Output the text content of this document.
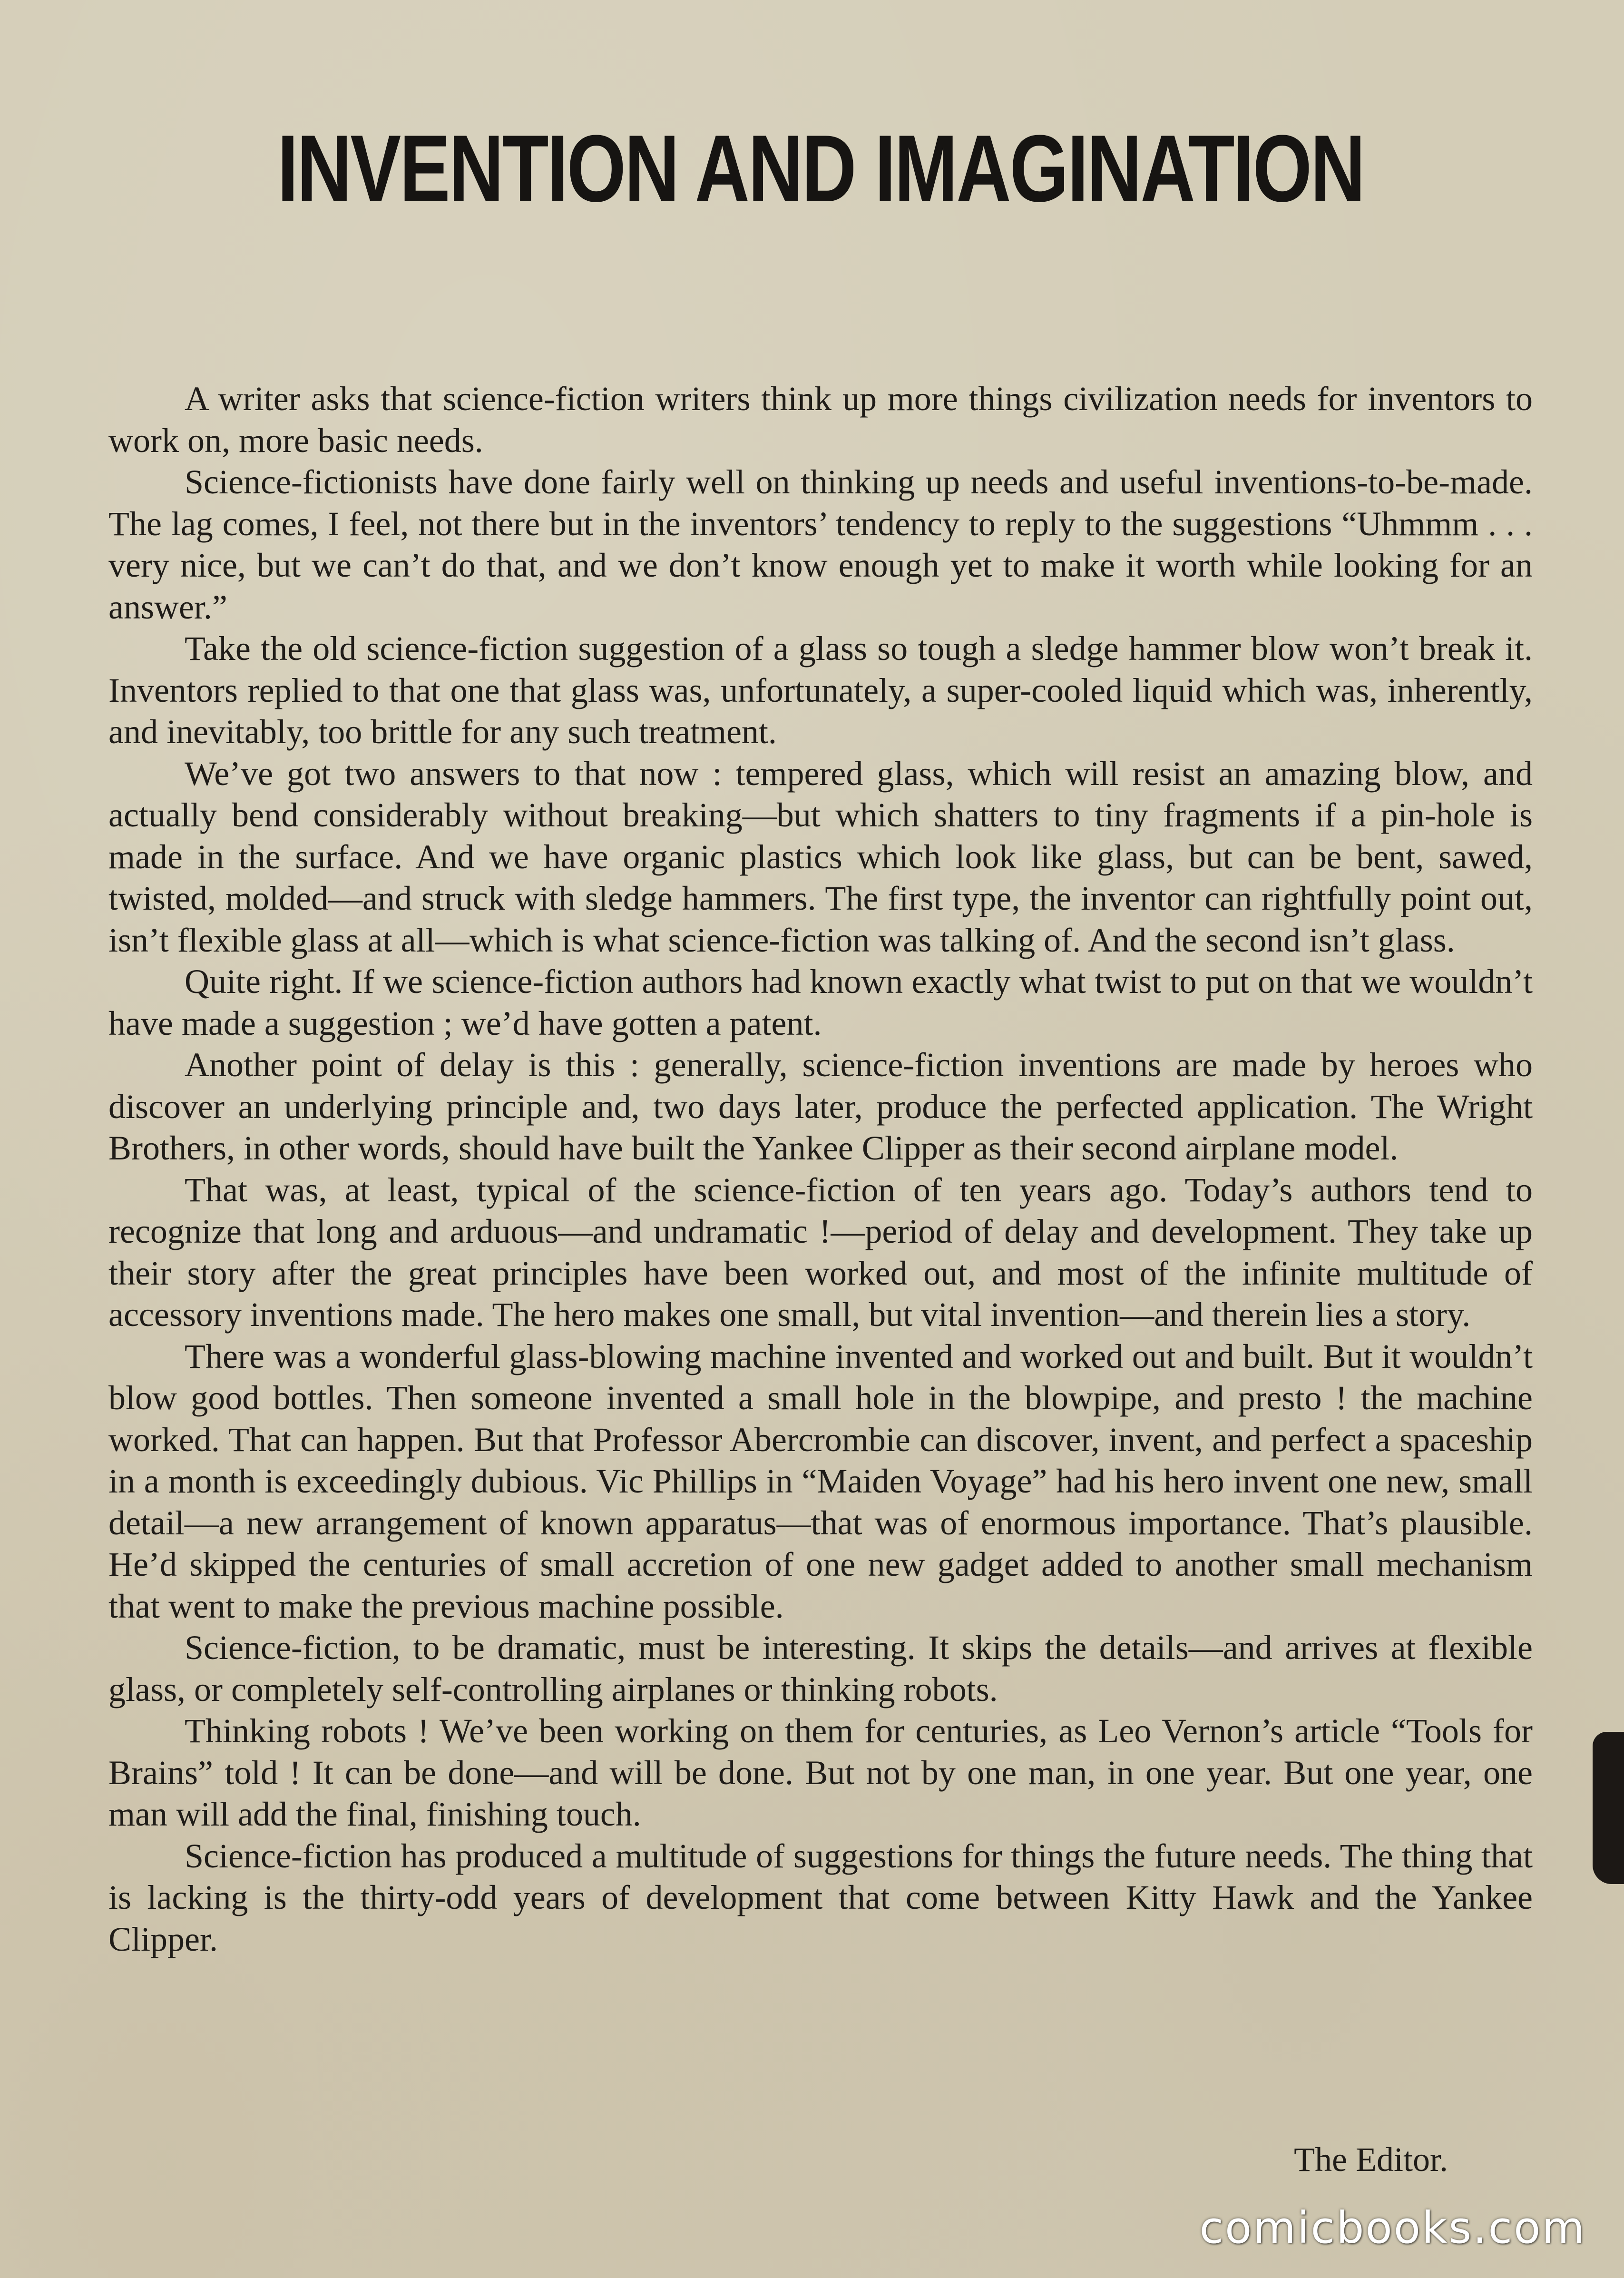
INVENTION AND IMAGINATION

A writer asks that science-fiction writers think up more things civilization needs for inventors to work on, more basic needs.

Science-fictionists have done fairly well on thinking up needs and useful inventions-to-be-made. The lag comes, I feel, not there but in the inventors’ tendency to reply to the suggestions “Uhmmm . . . very nice, but we can’t do that, and we don’t know enough yet to make it worth while looking for an answer.”

Take the old science-fiction suggestion of a glass so tough a sledge hammer blow won’t break it. Inventors replied to that one that glass was, unfortunately, a super-cooled liquid which was, inherently, and inevitably, too brittle for any such treatment.

We’ve got two answers to that now : tempered glass, which will resist an amazing blow, and actually bend considerably without breaking—but which shatters to tiny fragments if a pin-hole is made in the surface. And we have organic plastics which look like glass, but can be bent, sawed, twisted, molded—and struck with sledge hammers. The first type, the inventor can rightfully point out, isn’t flexible glass at all—which is what science-fiction was talking of. And the second isn’t glass.

Quite right. If we science-fiction authors had known exactly what twist to put on that we wouldn’t have made a suggestion ; we’d have gotten a patent.

Another point of delay is this : generally, science-fiction inventions are made by heroes who discover an underlying principle and, two days later, produce the perfected application. The Wright Brothers, in other words, should have built the Yankee Clipper as their second airplane model.

That was, at least, typical of the science-fiction of ten years ago. Today’s authors tend to recognize that long and arduous—and undramatic !—period of delay and development. They take up their story after the great principles have been worked out, and most of the infinite multitude of accessory inventions made. The hero makes one small, but vital invention—and therein lies a story.

There was a wonderful glass-blowing machine invented and worked out and built. But it wouldn’t blow good bottles. Then someone invented a small hole in the blowpipe, and presto ! the machine worked. That can happen. But that Professor Abercrombie can discover, invent, and perfect a spaceship in a month is exceedingly dubious. Vic Phillips in “Maiden Voyage” had his hero invent one new, small detail—a new arrangement of known apparatus—that was of enormous importance. That’s plausible. He’d skipped the centuries of small accretion of one new gadget added to another small mechanism that went to make the previous machine possible.

Science-fiction, to be dramatic, must be interesting. It skips the details—and arrives at flexible glass, or completely self-controlling airplanes or thinking robots.

Thinking robots ! We’ve been working on them for centuries, as Leo Vernon’s article “Tools for Brains” told ! It can be done—and will be done. But not by one man, in one year. But one year, one man will add the final, finishing touch.

Science-fiction has produced a multitude of suggestions for things the future needs. The thing that is lacking is the thirty-odd years of development that come between Kitty Hawk and the Yankee Clipper.

The Editor.

comicbooks.com
